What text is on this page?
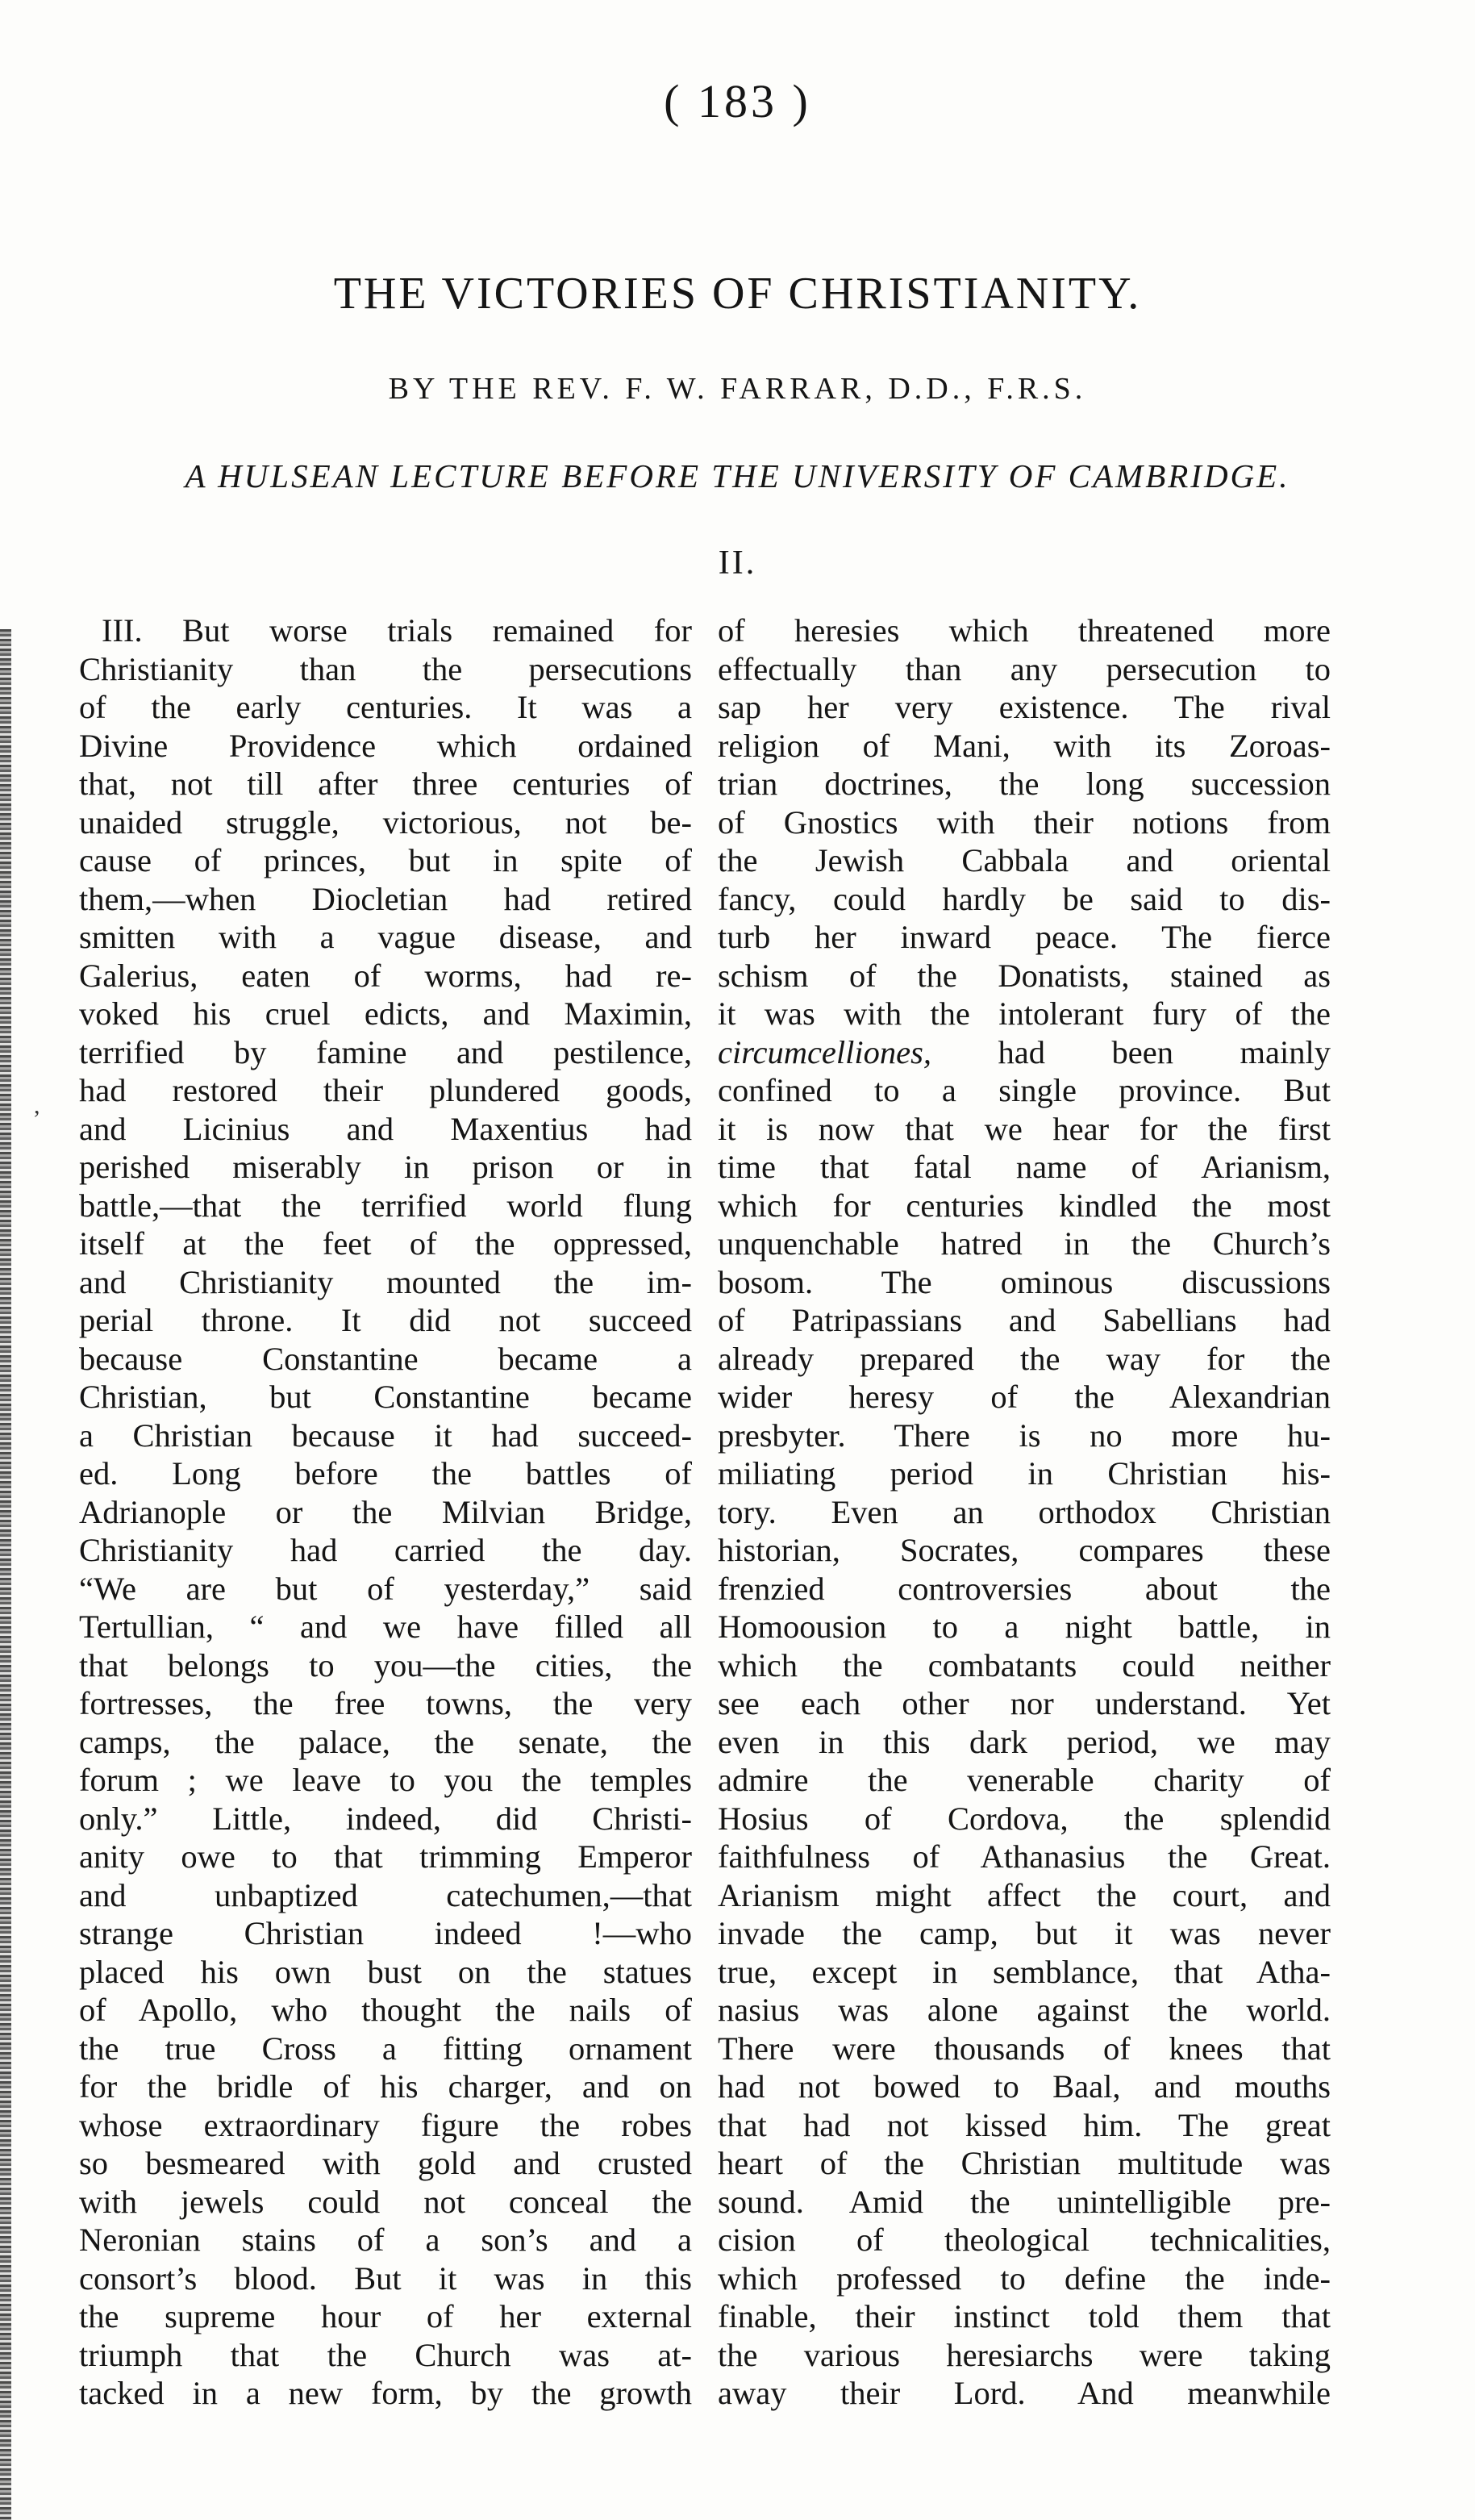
,
( 183 )
THE VICTORIES OF CHRISTIANITY.
BY THE REV. F. W. FARRAR, D.D., F.R.S.
A HULSEAN LECTURE BEFORE THE UNIVERSITY OF CAMBRIDGE.
II.
III. But worse trials remained for
Christianity than the persecutions
of the early centuries. It was a
Divine Providence which ordained
that, not till after three centuries of
unaided struggle, victorious, not be-
cause of princes, but in spite of
them,—when Diocletian had retired
smitten with a vague disease, and
Galerius, eaten of worms, had re-
voked his cruel edicts, and Maximin,
terrified by famine and pestilence,
had restored their plundered goods,
and Licinius and Maxentius had
perished miserably in prison or in
battle,—that the terrified world flung
itself at the feet of the oppressed,
and Christianity mounted the im-
perial throne. It did not succeed
because Constantine became a
Christian, but Constantine became
a Christian because it had succeed-
ed. Long before the battles of
Adrianople or the Milvian Bridge,
Christianity had carried the day.
“We are but of yesterday,” said
Tertullian, “ and we have filled all
that belongs to you—the cities, the
fortresses, the free towns, the very
camps, the palace, the senate, the
forum ; we leave to you the temples
only.” Little, indeed, did Christi-
anity owe to that trimming Emperor
and unbaptized catechumen,—that
strange Christian indeed !—who
placed his own bust on the statues
of Apollo, who thought the nails of
the true Cross a fitting ornament
for the bridle of his charger, and on
whose extraordinary figure the robes
so besmeared with gold and crusted
with jewels could not conceal the
Neronian stains of a son’s and a
consort’s blood. But it was in this
the supreme hour of her external
triumph that the Church was at-
tacked in a new form, by the growth
of heresies which threatened more
effectually than any persecution to
sap her very existence. The rival
religion of Mani, with its Zoroas-
trian doctrines, the long succession
of Gnostics with their notions from
the Jewish Cabbala and oriental
fancy, could hardly be said to dis-
turb her inward peace. The fierce
schism of the Donatists, stained as
it was with the intolerant fury of the
circumcelliones, had been mainly
confined to a single province. But
it is now that we hear for the first
time that fatal name of Arianism,
which for centuries kindled the most
unquenchable hatred in the Church’s
bosom. The ominous discussions
of Patripassians and Sabellians had
already prepared the way for the
wider heresy of the Alexandrian
presbyter. There is no more hu-
miliating period in Christian his-
tory. Even an orthodox Christian
historian, Socrates, compares these
frenzied controversies about the
Homoousion to a night battle, in
which the combatants could neither
see each other nor understand. Yet
even in this dark period, we may
admire the venerable charity of
Hosius of Cordova, the splendid
faithfulness of Athanasius the Great.
Arianism might affect the court, and
invade the camp, but it was never
true, except in semblance, that Atha-
nasius was alone against the world.
There were thousands of knees that
had not bowed to Baal, and mouths
that had not kissed him. The great
heart of the Christian multitude was
sound. Amid the unintelligible pre-
cision of theological technicalities,
which professed to define the inde-
finable, their instinct told them that
the various heresiarchs were taking
away their Lord. And meanwhile
